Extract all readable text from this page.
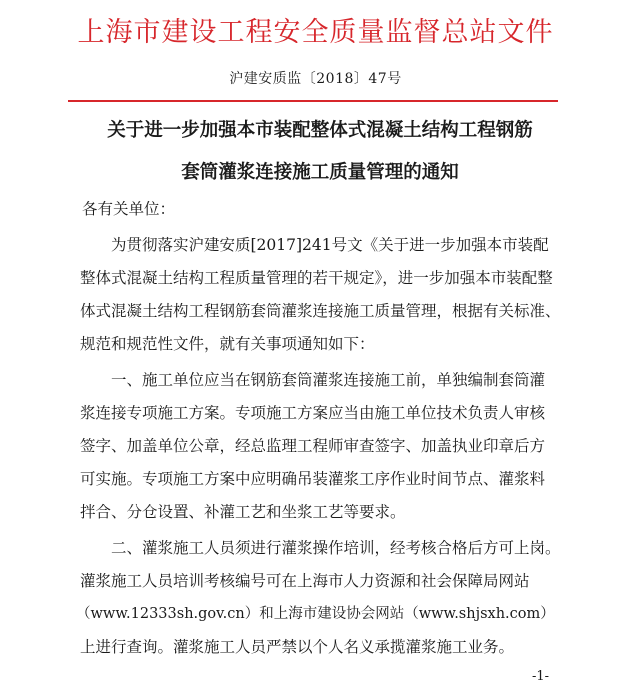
上海市建设工程安全质量监督总站文件
沪建安质监〔2018〕47号
关于进一步加强本市装配整体式混凝土结构工程钢筋
套筒灌浆连接施工质量管理的通知
各有关单位：
为贯彻落实沪建安质[2017]241号文《关于进一步加强本市装配
整体式混凝土结构工程质量管理的若干规定》，进一步加强本市装配整
体式混凝土结构工程钢筋套筒灌浆连接施工质量管理，根据有关标准、
规范和规范性文件，就有关事项通知如下：
一、施工单位应当在钢筋套筒灌浆连接施工前，单独编制套筒灌
浆连接专项施工方案。专项施工方案应当由施工单位技术负责人审核
签字、加盖单位公章，经总监理工程师审查签字、加盖执业印章后方
可实施。专项施工方案中应明确吊装灌浆工序作业时间节点、灌浆料
拌合、分仓设置、补灌工艺和坐浆工艺等要求。
二、灌浆施工人员须进行灌浆操作培训，经考核合格后方可上岗。
灌浆施工人员培训考核编号可在上海市人力资源和社会保障局网站
（www.12333sh.gov.cn）和上海市建设协会网站（www.shjsxh.com）
上进行查询。灌浆施工人员严禁以个人名义承揽灌浆施工业务。
-1-
